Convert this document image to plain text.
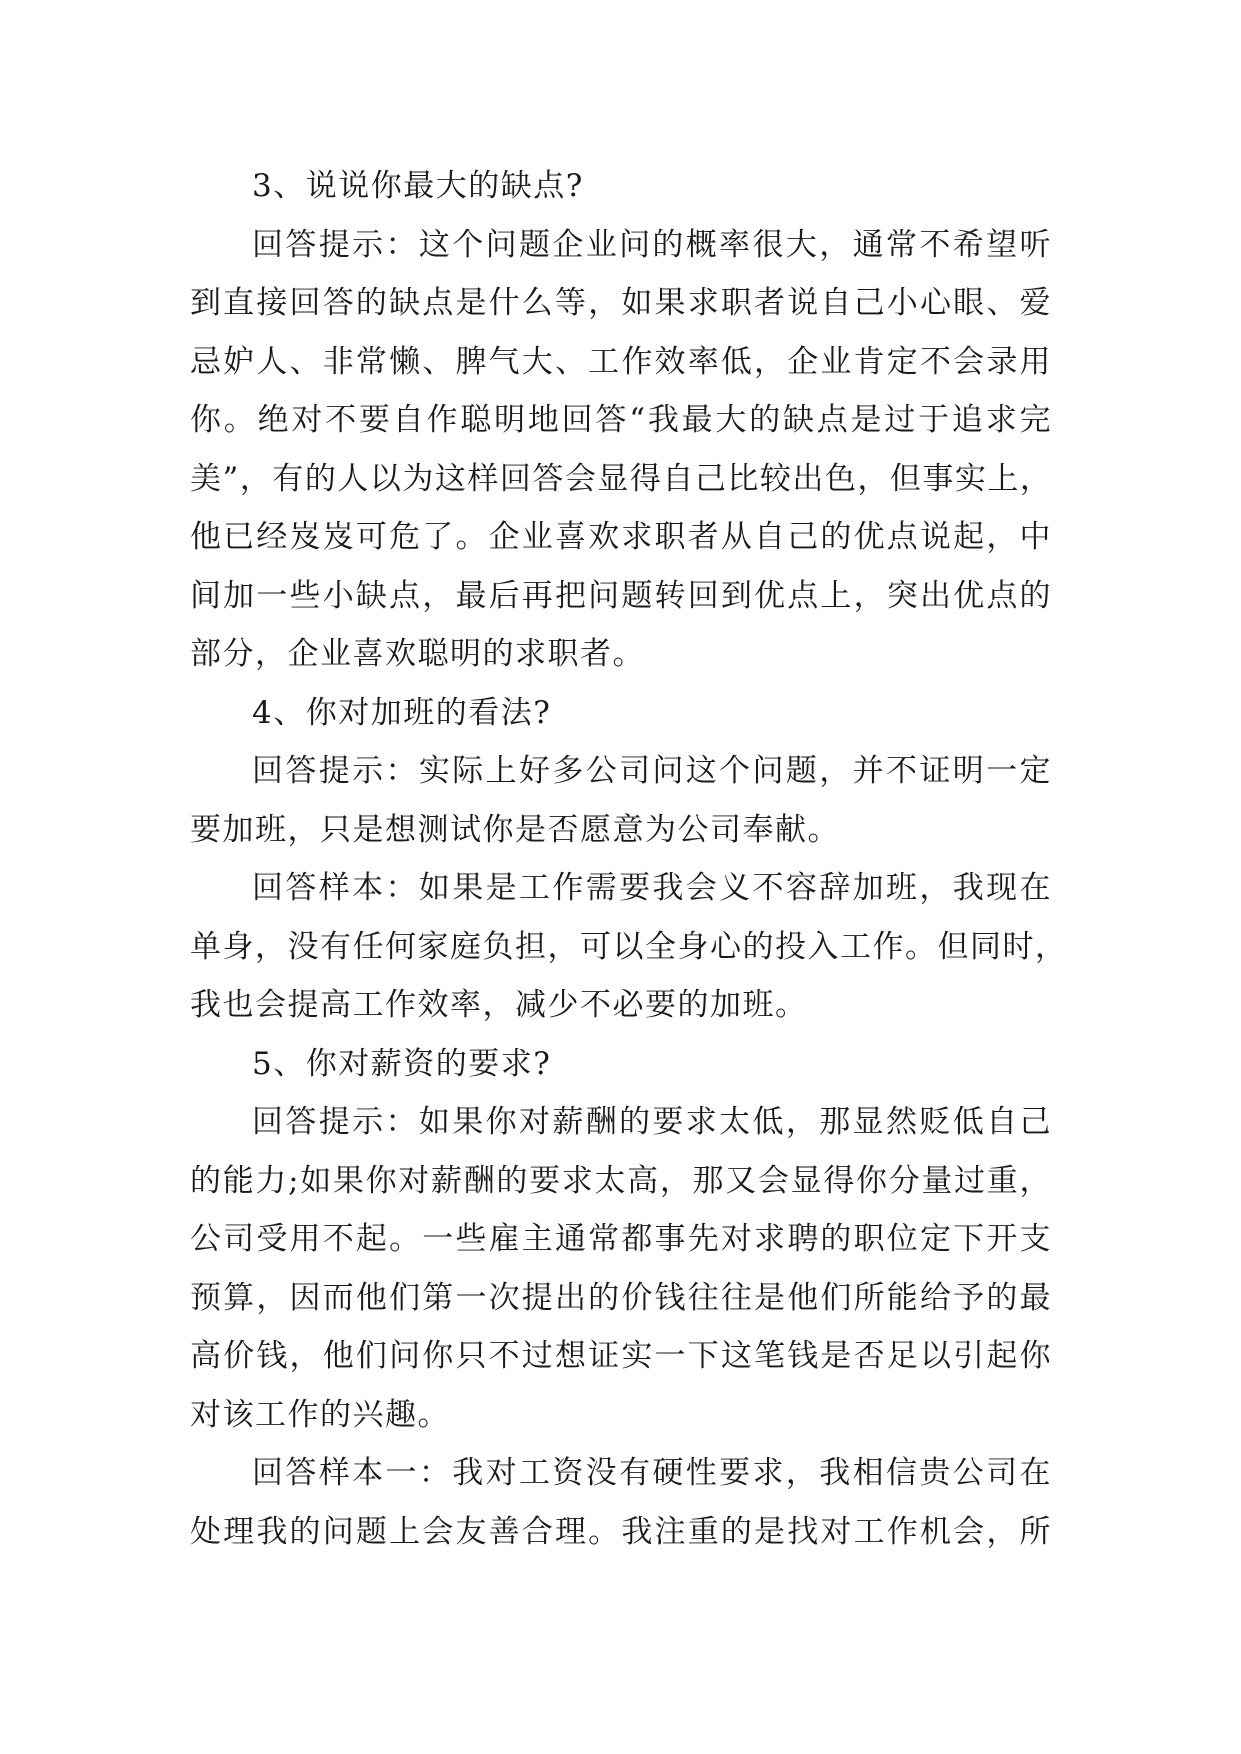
3、说说你最大的缺点?
回答提示：这个问题企业问的概率很大，通常不希望听
到直接回答的缺点是什么等，如果求职者说自己小心眼、爱
忌妒人、非常懒、脾气大、工作效率低，企业肯定不会录用
你。绝对不要自作聪明地回答“我最大的缺点是过于追求完
美”，有的人以为这样回答会显得自己比较出色，但事实上，
他已经岌岌可危了。企业喜欢求职者从自己的优点说起，中
间加一些小缺点，最后再把问题转回到优点上，突出优点的
部分，企业喜欢聪明的求职者。
4、你对加班的看法?
回答提示：实际上好多公司问这个问题，并不证明一定
要加班，只是想测试你是否愿意为公司奉献。
回答样本：如果是工作需要我会义不容辞加班，我现在
单身，没有任何家庭负担，可以全身心的投入工作。但同时，
我也会提高工作效率，减少不必要的加班。
5、你对薪资的要求?
回答提示：如果你对薪酬的要求太低，那显然贬低自己
的能力;如果你对薪酬的要求太高，那又会显得你分量过重，
公司受用不起。一些雇主通常都事先对求聘的职位定下开支
预算，因而他们第一次提出的价钱往往是他们所能给予的最
高价钱，他们问你只不过想证实一下这笔钱是否足以引起你
对该工作的兴趣。
回答样本一：我对工资没有硬性要求，我相信贵公司在
处理我的问题上会友善合理。我注重的是找对工作机会，所
